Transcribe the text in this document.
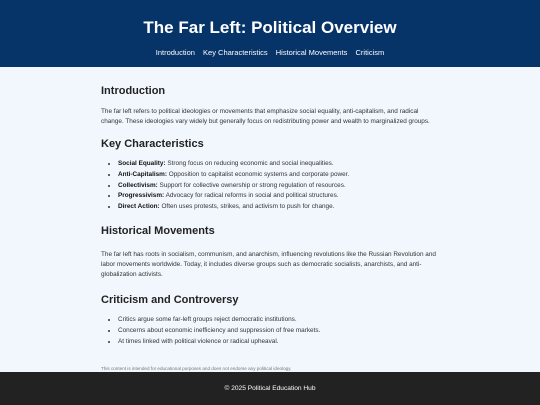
The Far Left: Political Overview
Introduction Key Characteristics Historical Movements Criticism
Introduction

The far left refers to political ideologies or movements that emphasize social equality, anti-capitalism, and radical change. These ideologies vary widely but generally focus on redistributing power and wealth to marginalized groups.

Key Characteristics
• Social Equality: Strong focus on reducing economic and social inequalities.
• Anti-Capitalism: Opposition to capitalist economic systems and corporate power.
• Collectivism: Support for collective ownership or strong regulation of resources.
• Progressivism: Advocacy for radical reforms in social and political structures.
• Direct Action: Often uses protests, strikes, and activism to push for change.
Historical Movements

The far left has roots in socialism, communism, and anarchism, influencing revolutions like the Russian Revolution and labor movements worldwide. Today, it includes diverse groups such as democratic socialists, anarchists, and anti-globalization activists.

Criticism and Controversy
• Critics argue some far-left groups reject democratic institutions.
• Concerns about economic inefficiency and suppression of free markets.
• At times linked with political violence or radical upheaval.
This content is intended for educational purposes and does not endorse any political ideology.
© 2025 Political Education Hub
